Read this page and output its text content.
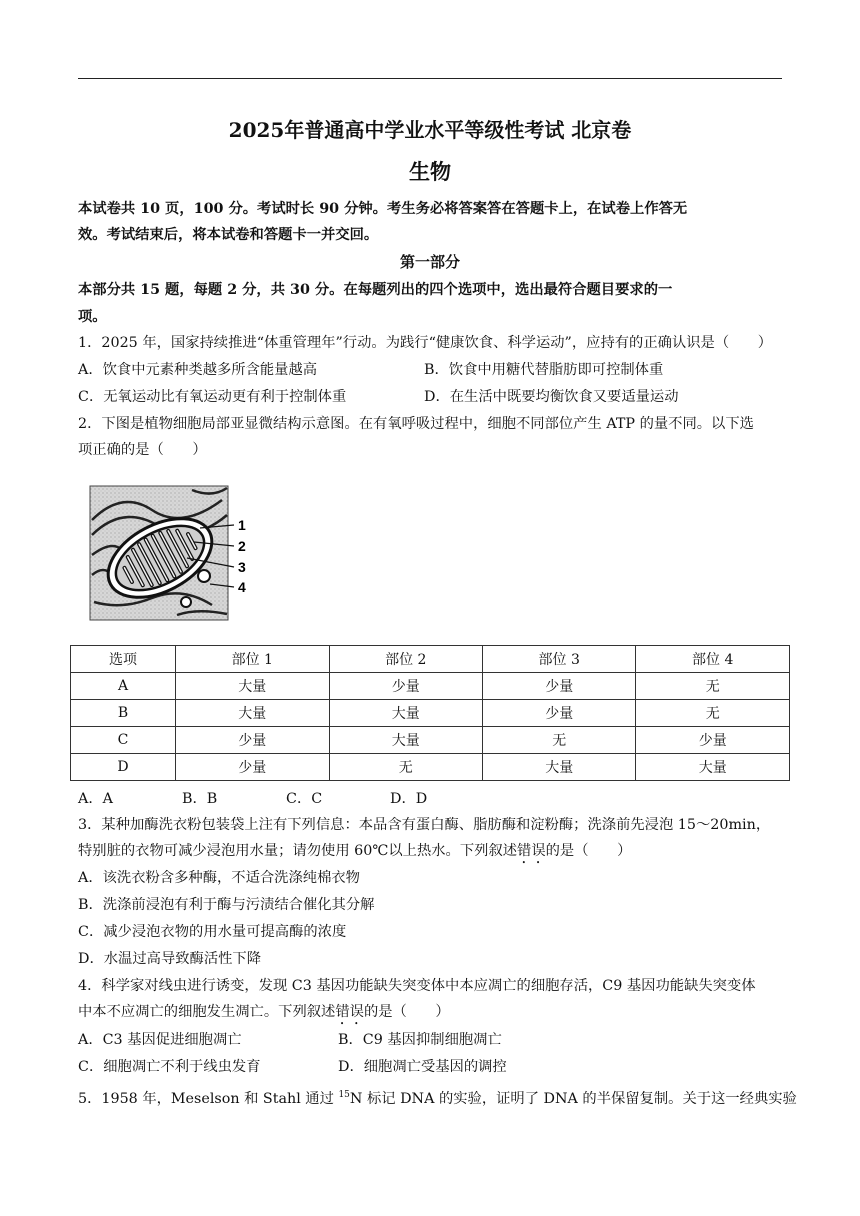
2025年普通高中学业水平等级性考试 北京卷
生物
本试卷共 10 页，100 分。考试时长 90 分钟。考生务必将答案答在答题卡上，在试卷上作答无
效。考试结束后，将本试卷和答题卡一并交回。
第一部分
本部分共 15 题，每题 2 分，共 30 分。在每题列出的四个选项中，选出最符合题目要求的一
项。
1．2025 年，国家持续推进“体重管理年”行动。为践行“健康饮食、科学运动”，应持有的正确认识是（　　）
A．饮食中元素种类越多所含能量越高	B．饮食中用糖代替脂肪即可控制体重
C．无氧运动比有氧运动更有利于控制体重	D．在生活中既要均衡饮食又要适量运动
2．下图是植物细胞局部亚显微结构示意图。在有氧呼吸过程中，细胞不同部位产生 ATP 的量不同。以下选
项正确的是（　　）
1
2
3
4
选项	部位 1	部位 2	部位 3	部位 4
A	大量	少量	少量	无
B	大量	大量	少量	无
C	少量	大量	无	少量
D	少量	无	大量	大量
A．A	B．B	C．C	D．D
3．某种加酶洗衣粉包装袋上注有下列信息：本品含有蛋白酶、脂肪酶和淀粉酶；洗涤前先浸泡 15～20min，
特别脏的衣物可减少浸泡用水量；请勿使用 60℃以上热水。下列叙述错误的是（　　）
A．该洗衣粉含多种酶，不适合洗涤纯棉衣物
B．洗涤前浸泡有利于酶与污渍结合催化其分解
C．减少浸泡衣物的用水量可提高酶的浓度
D．水温过高导致酶活性下降
4．科学家对线虫进行诱变，发现 C3 基因功能缺失突变体中本应凋亡的细胞存活，C9 基因功能缺失突变体
中本不应凋亡的细胞发生凋亡。下列叙述错误的是（　　）
A．C3 基因促进细胞凋亡	B．C9 基因抑制细胞凋亡
C．细胞凋亡不利于线虫发育	D．细胞凋亡受基因的调控
5．1958 年，Meselson 和 Stahl 通过 $^{15}$N 标记 DNA 的实验，证明了 DNA 的半保留复制。关于这一经典实验
